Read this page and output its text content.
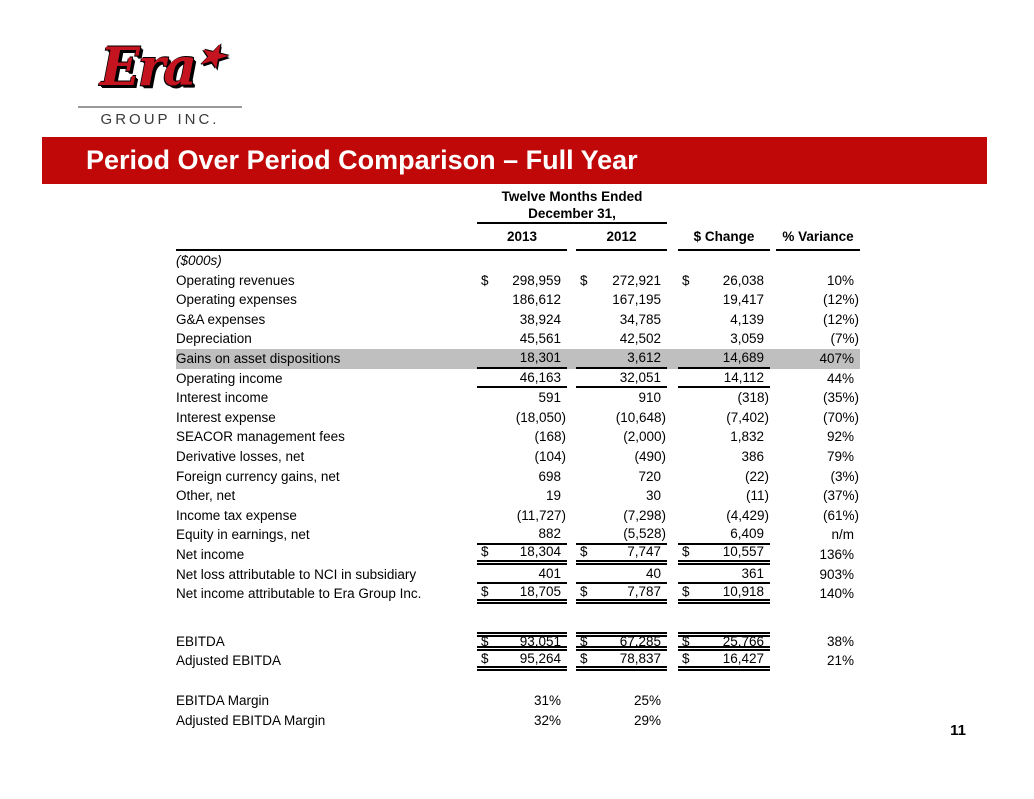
Era★
GROUP INC.
Period Over Period Comparison – Full Year
Twelve Months Ended
December 31,
2013	2012	$ Change	% Variance
($000s)
Operating revenues	$	298,959	$	272,921	$	26,038	10%
Operating expenses	186,612	167,195	19,417	(12%)
G&A expenses	38,924	34,785	4,139	(12%)
Depreciation	45,561	42,502	3,059	(7%)
Gains on asset dispositions	18,301	3,612	14,689	407%
Operating income	46,163	32,051	14,112	44%
Interest income	591	910	(318)	(35%)
Interest expense	(18,050)	(10,648)	(7,402)	(70%)
SEACOR management fees	(168)	(2,000)	1,832	92%
Derivative losses, net	(104)	(490)	386	79%
Foreign currency gains, net	698	720	(22)	(3%)
Other, net	19	30	(11)	(37%)
Income tax expense	(11,727)	(7,298)	(4,429)	(61%)
Equity in earnings, net	882	(5,528)	6,409	n/m
Net income	$	18,304	$	7,747	$	10,557	136%
Net loss attributable to NCI in subsidiary	401	40	361	903%
Net income attributable to Era Group Inc.	$	18,705	$	7,787	$	10,918	140%
EBITDA	$	93,051	$	67,285	$	25,766	38%
Adjusted EBITDA	$	95,264	$	78,837	$	16,427	21%
EBITDA Margin	31%	25%
Adjusted EBITDA Margin	32%	29%
11
